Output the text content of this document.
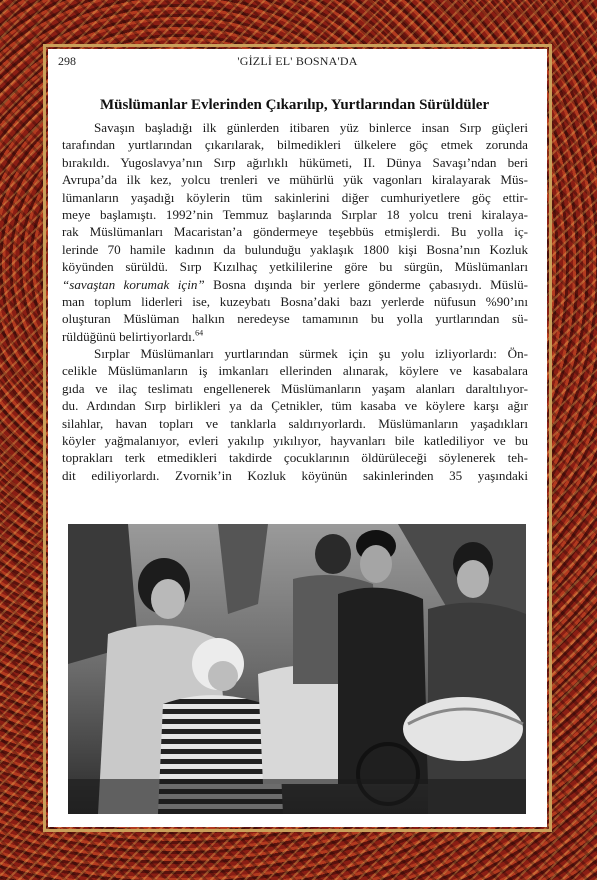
298	'GİZLİ EL' BOSNA'DA
Müslümanlar Evlerinden Çıkarılıp, Yurtlarından Sürüldüler
Savaşın başladığı ilk günlerden itibaren yüz binlerce insan Sırp güçleri
tarafından yurtlarından çıkarılarak, bilmedikleri ülkelere göç etmek zorunda
bırakıldı. Yugoslavya’nın Sırp ağırlıklı hükümeti, II. Dünya Savaşı’ndan beri
Avrupa’da ilk kez, yolcu trenleri ve mühürlü yük vagonları kiralayarak Müs-
lümanların yaşadığı köylerin tüm sakinlerini diğer cumhuriyetlere göç ettir-
meye başlamıştı. 1992’nin Temmuz başlarında Sırplar 18 yolcu treni kiralaya-
rak Müslümanları Macaristan’a göndermeye teşebbüs etmişlerdi. Bu yolla iç-
lerinde 70 hamile kadının da bulunduğu yaklaşık 1800 kişi Bosna’nın Kozluk
köyünden sürüldü. Sırp Kızılhaç yetkililerine göre bu sürgün, Müslümanları
“savaştan korumak için” Bosna dışında bir yerlere gönderme çabasıydı. Müslü-
man toplum liderleri ise, kuzeybatı Bosna’daki bazı yerlerde nüfusun %90’ını
oluşturan Müslüman halkın neredeyse tamamının bu yolla yurtlarından sü-
rüldüğünü belirtiyorlardı.$^{64}$
Sırplar Müslümanları yurtlarından sürmek için şu yolu izliyorlardı: Ön-
celikle Müslümanların iş imkanları ellerinden alınarak, köylere ve kasabalara
gıda ve ilaç teslimatı engellenerek Müslümanların yaşam alanları daraltılıyor-
du. Ardından Sırp birlikleri ya da Çetnikler, tüm kasaba ve köylere karşı ağır
silahlar, havan topları ve tanklarla saldırıyorlardı. Müslümanların yaşadıkları
köyler yağmalanıyor, evleri yakılıp yıkılıyor, hayvanları bile katlediliyor ve bu
toprakları terk etmedikleri takdirde çocuklarının öldürüleceği söylenerek teh-
dit ediliyorlardı. Zvornik’in Kozluk köyünün sakinlerinden 35 yaşındaki
